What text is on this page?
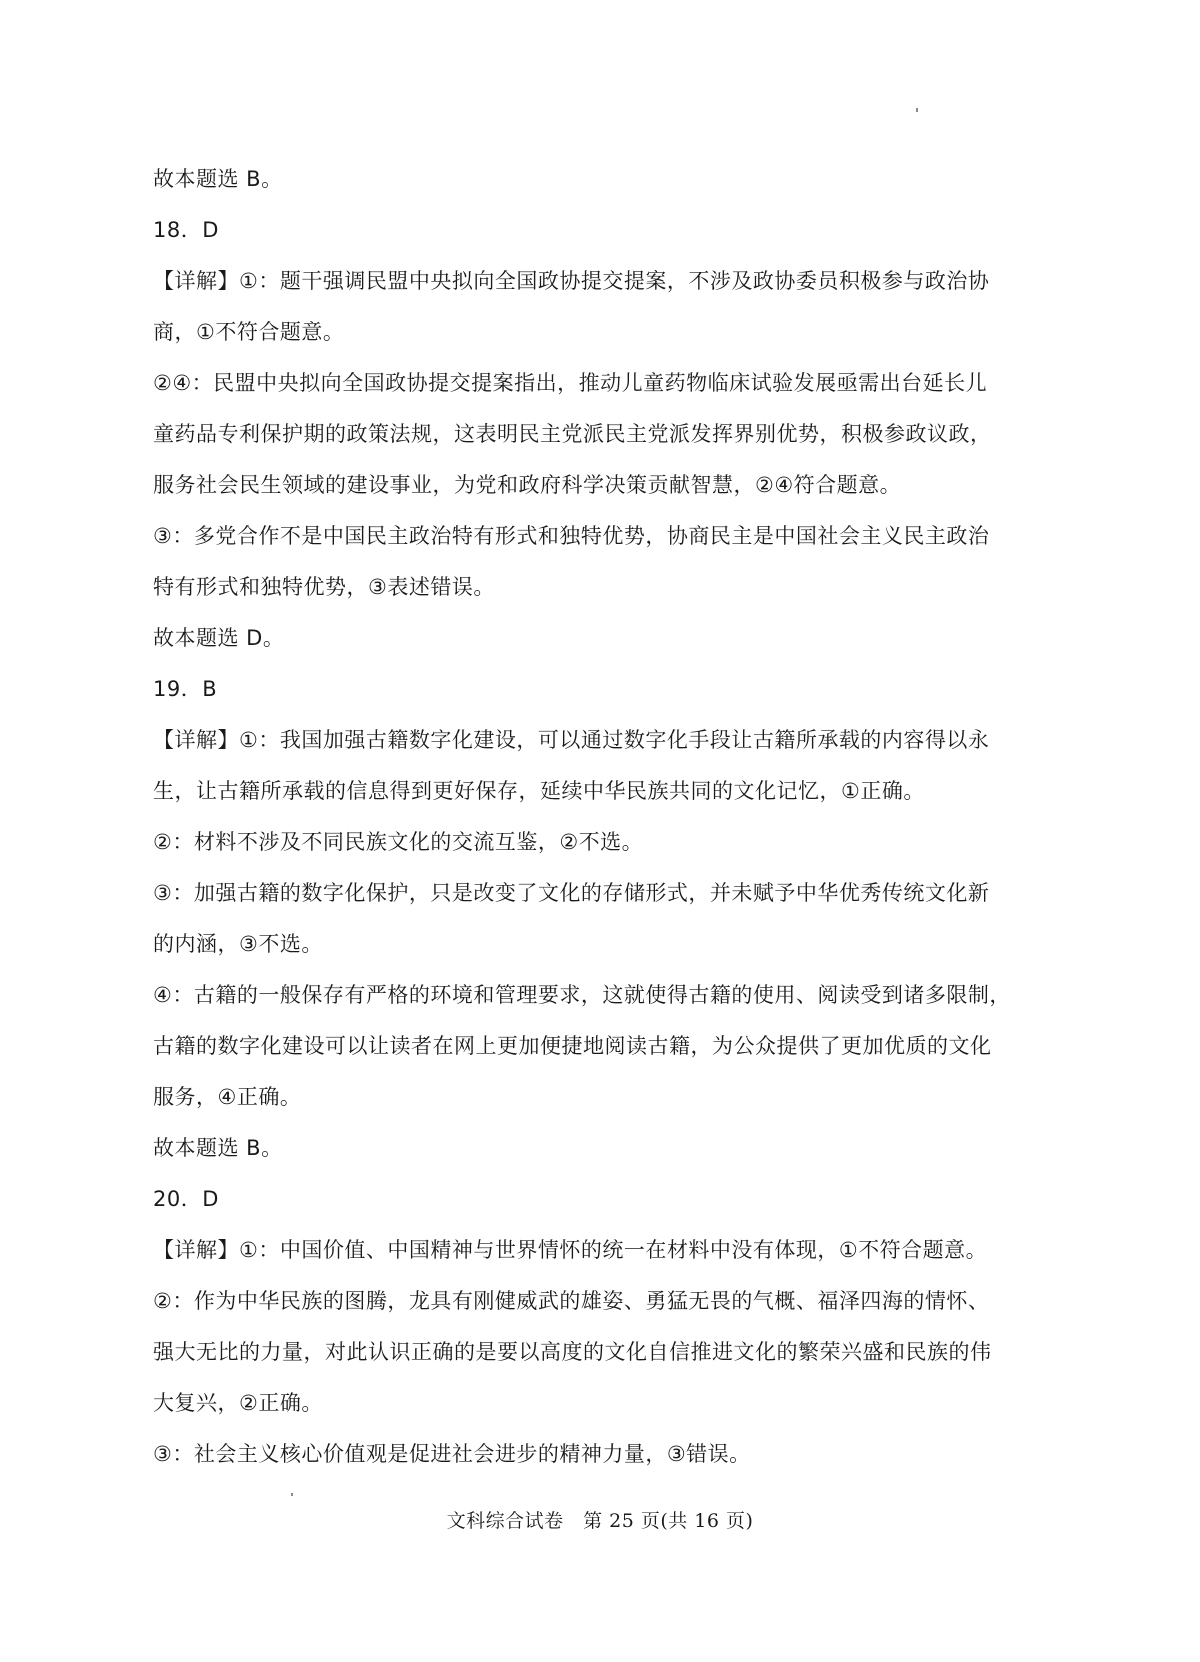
故本题选 B。
18．D
【详解】①：题干强调民盟中央拟向全国政协提交提案，不涉及政协委员积极参与政治协
商，①不符合题意。
②④：民盟中央拟向全国政协提交提案指出，推动儿童药物临床试验发展亟需出台延长儿
童药品专利保护期的政策法规，这表明民主党派民主党派发挥界别优势，积极参政议政，
服务社会民生领域的建设事业，为党和政府科学决策贡献智慧，②④符合题意。
③：多党合作不是中国民主政治特有形式和独特优势，协商民主是中国社会主义民主政治
特有形式和独特优势，③表述错误。
故本题选 D。
19．B
【详解】①：我国加强古籍数字化建设，可以通过数字化手段让古籍所承载的内容得以永
生，让古籍所承载的信息得到更好保存，延续中华民族共同的文化记忆，①正确。
②：材料不涉及不同民族文化的交流互鉴，②不选。
③：加强古籍的数字化保护，只是改变了文化的存储形式，并未赋予中华优秀传统文化新
的内涵，③不选。
④：古籍的一般保存有严格的环境和管理要求，这就使得古籍的使用、阅读受到诸多限制，
古籍的数字化建设可以让读者在网上更加便捷地阅读古籍，为公众提供了更加优质的文化
服务，④正确。
故本题选 B。
20．D
【详解】①：中国价值、中国精神与世界情怀的统一在材料中没有体现，①不符合题意。
②：作为中华民族的图腾，龙具有刚健威武的雄姿、勇猛无畏的气概、福泽四海的情怀、
强大无比的力量，对此认识正确的是要以高度的文化自信推进文化的繁荣兴盛和民族的伟
大复兴，②正确。
③：社会主义核心价值观是促进社会进步的精神力量，③错误。
文科综合试卷　第 25 页(共 16 页)
